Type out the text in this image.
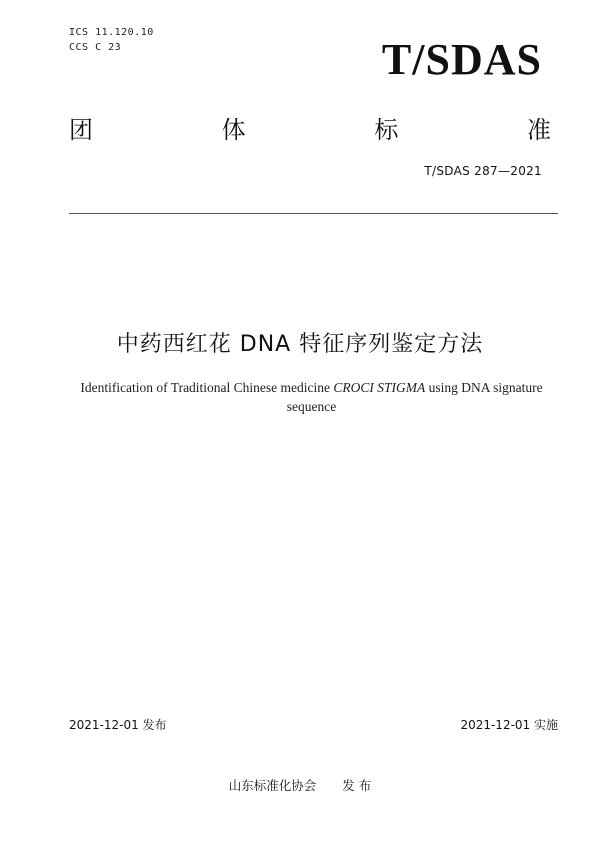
ICS 11.120.10
CCS C 23	T/SDAS
团	体	标	准
T/SDAS 287—2021
中药西红花 DNA 特征序列鉴定方法
Identification of Traditional Chinese medicine CROCI STIGMA using DNA signature sequence
2021-12-01 发布	2021-12-01 实施
山东标准化协会 发 布
